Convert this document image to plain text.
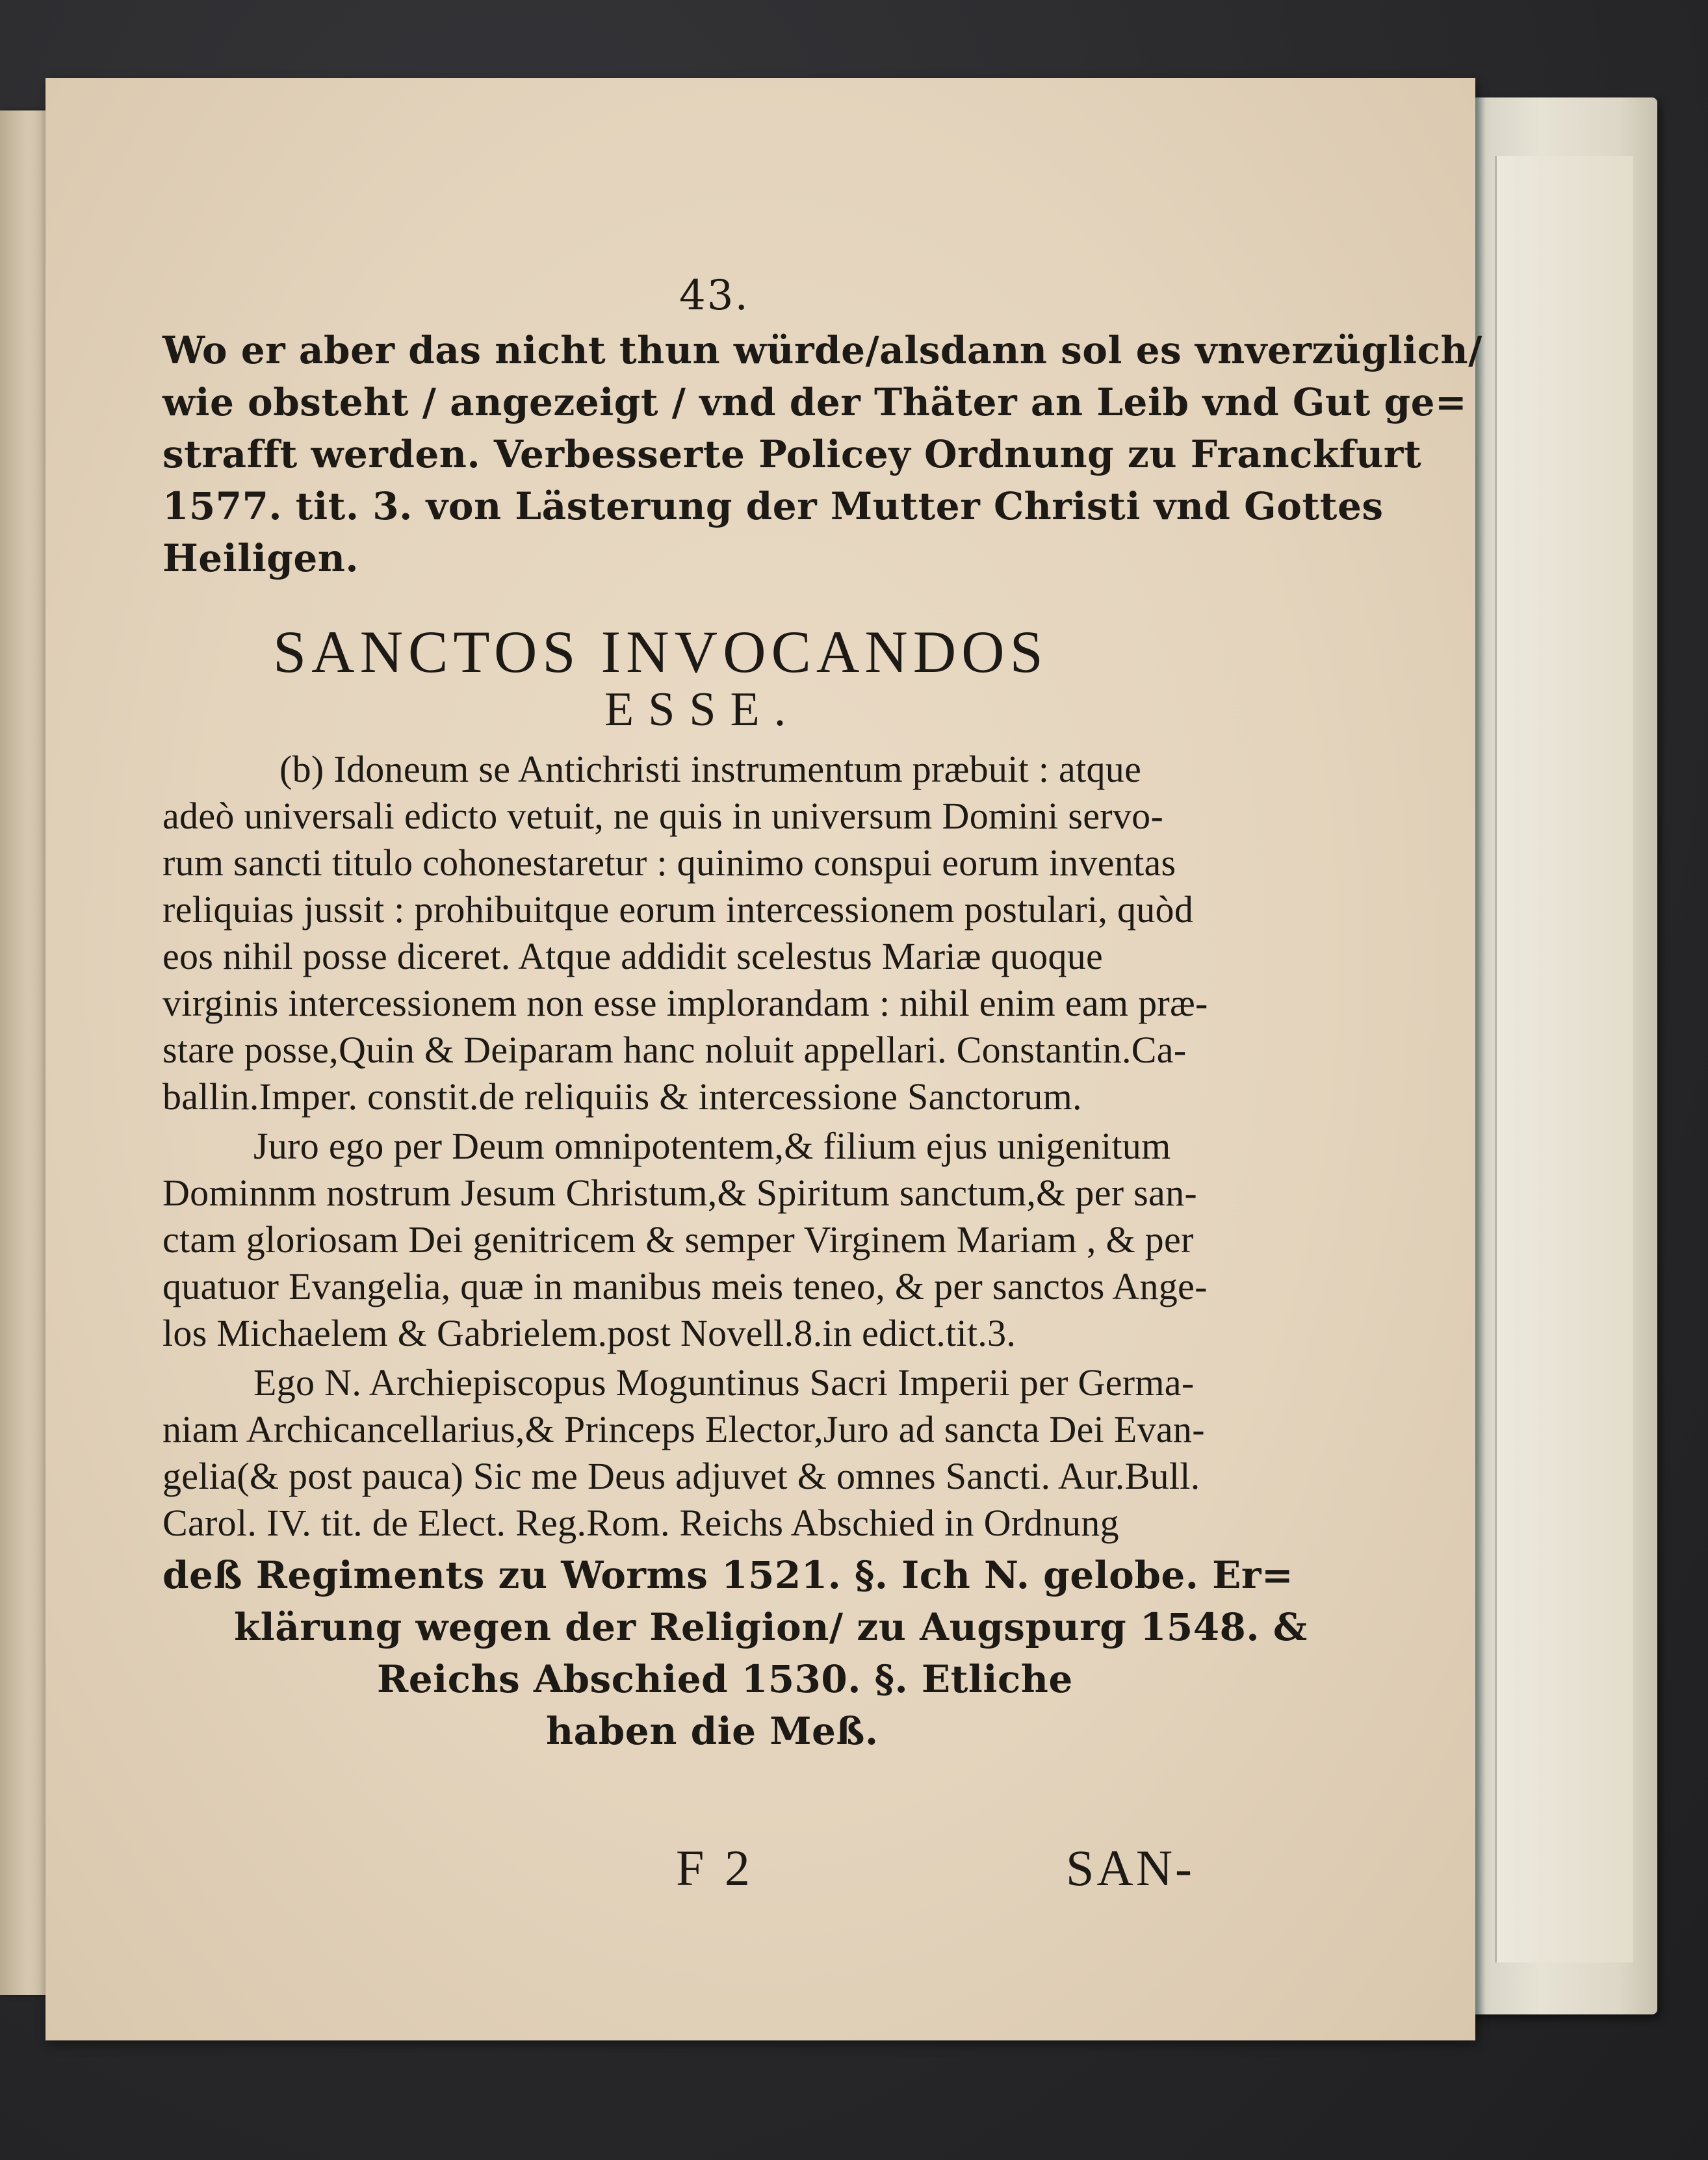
43.
Wo er aber das nicht thun würde/alsdann sol es vnverzüglich/
wie obsteht / angezeigt / vnd der Thäter an Leib vnd Gut ge=
strafft werden. Verbesserte Policey Ordnung zu Franckfurt
1577. tit. 3. von Lästerung der Mutter Christi vnd Gottes
Heiligen.
SANCTOS INVOCANDOS
ESSE.
(b) Idoneum se Antichristi instrumentum præbuit : atque
adeò universali edicto vetuit, ne quis in universum Domini servo-
rum sancti titulo cohonestaretur : quinimo conspui eorum inventas
reliquias jussit : prohibuitque eorum intercessionem postulari, quòd
eos nihil posse diceret. Atque addidit scelestus Mariæ quoque
virginis intercessionem non esse implorandam : nihil enim eam præ-
stare posse,Quin & Deiparam hanc noluit appellari. Constantin.Ca-
ballin.Imper. constit.de reliquiis & intercessione Sanctorum.
Juro ego per Deum omnipotentem,& filium ejus unigenitum
Dominnm nostrum Jesum Christum,& Spiritum sanctum,& per san-
ctam gloriosam Dei genitricem & semper Virginem Mariam , & per
quatuor Evangelia, quæ in manibus meis teneo, & per sanctos Ange-
los Michaelem & Gabrielem.post Novell.8.in edict.tit.3.
Ego N. Archiepiscopus Moguntinus Sacri Imperii per Germa-
niam Archicancellarius,& Princeps Elector,Juro ad sancta Dei Evan-
gelia(& post pauca) Sic me Deus adjuvet & omnes Sancti. Aur.Bull.
Carol. IV. tit. de Elect. Reg.Rom. Reichs Abschied in Ordnung
deß Regiments zu Worms 1521. §. Ich N. gelobe. Er=
klärung wegen der Religion/ zu Augspurg 1548. &
Reichs Abschied 1530. §. Etliche
haben die Meß.
F 2	SAN-
